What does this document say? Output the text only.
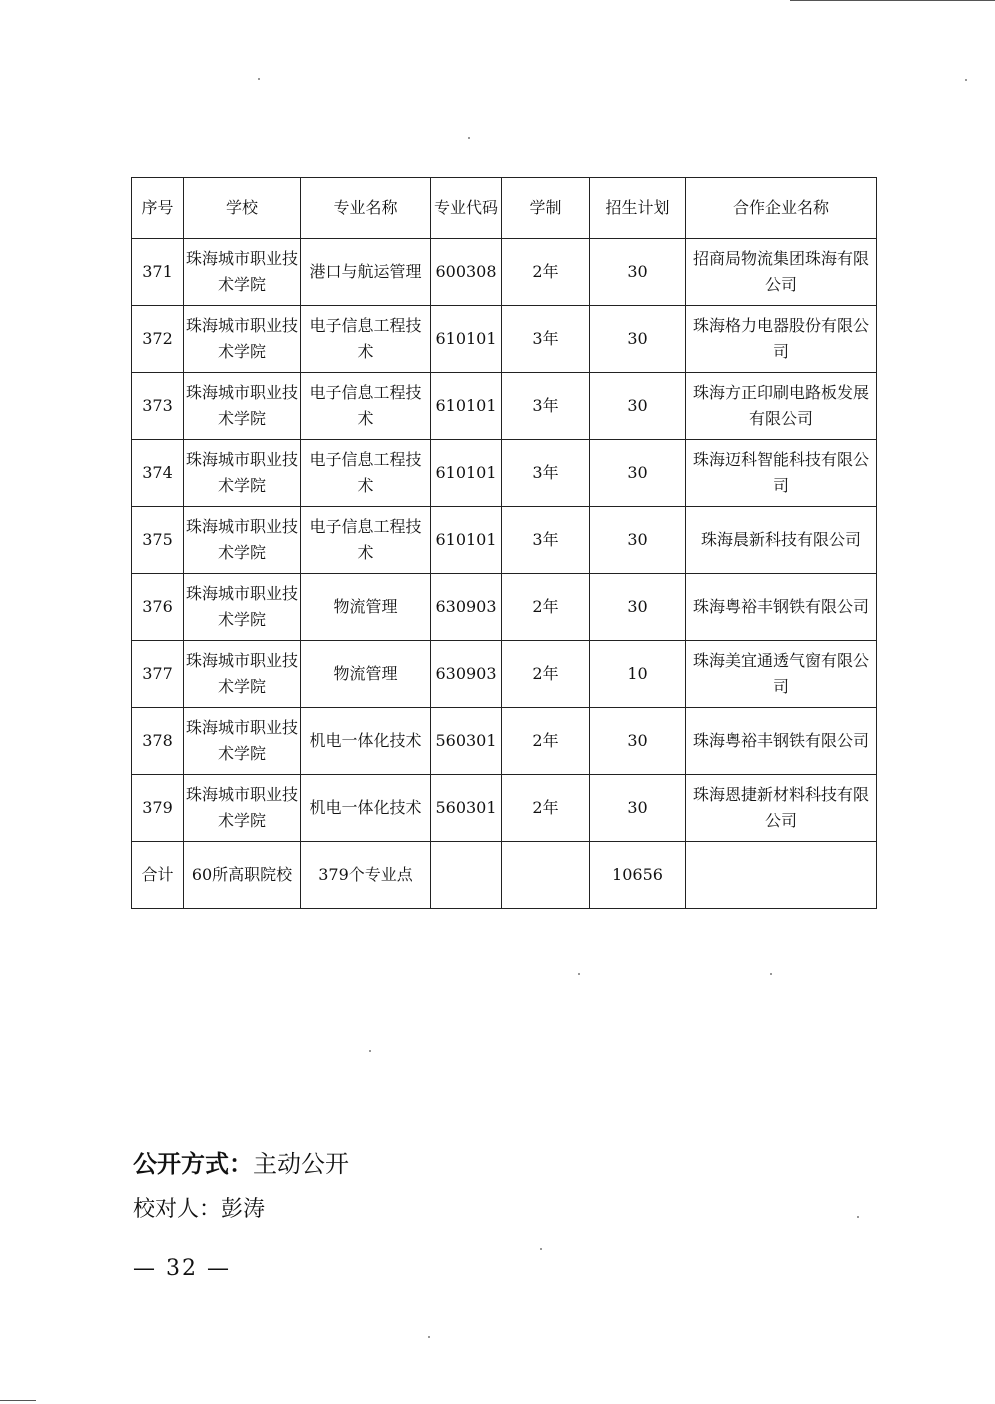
序号	学校	专业名称	专业代码	学制	招生计划	合作企业名称
371	珠海城市职业技术学院	港口与航运管理	600308	2年	30	招商局物流集团珠海有限公司
372	珠海城市职业技术学院	电子信息工程技术	610101	3年	30	珠海格力电器股份有限公司
373	珠海城市职业技术学院	电子信息工程技术	610101	3年	30	珠海方正印刷电路板发展有限公司
374	珠海城市职业技术学院	电子信息工程技术	610101	3年	30	珠海迈科智能科技有限公司
375	珠海城市职业技术学院	电子信息工程技术	610101	3年	30	珠海晨新科技有限公司
376	珠海城市职业技术学院	物流管理	630903	2年	30	珠海粤裕丰钢铁有限公司
377	珠海城市职业技术学院	物流管理	630903	2年	10	珠海美宜通透气窗有限公司
378	珠海城市职业技术学院	机电一体化技术	560301	2年	30	珠海粤裕丰钢铁有限公司
379	珠海城市职业技术学院	机电一体化技术	560301	2年	30	珠海恩捷新材料科技有限公司
合计	60所高职院校	379个专业点			10656	
公开方式：主动公开
校对人：彭涛
— 32 —
